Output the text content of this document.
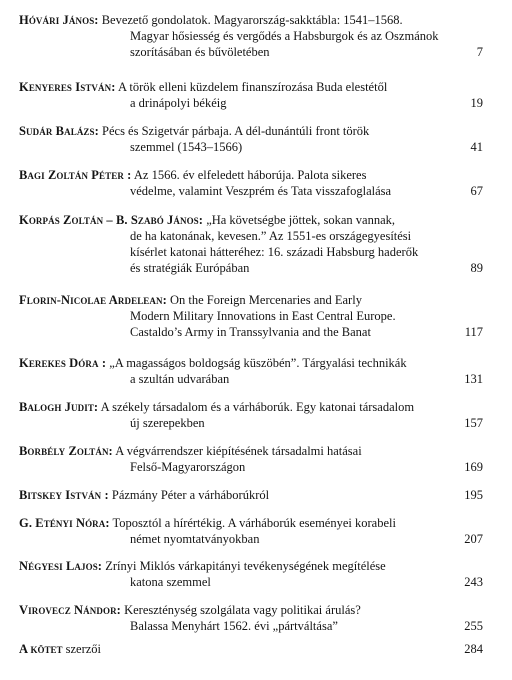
Hóvári János: Bevezető gondolatok. Magyarország-sakktábla: 1541–1568.
Magyar hősiesség és vergődés a Habsburgok és az Oszmánok
szorításában és bűvöletében	7
Kenyeres István: A török elleni küzdelem finanszírozása Buda elestétől
a drinápolyi békéig	19
Sudár Balázs: Pécs és Szigetvár párbaja. A dél-dunántúli front török
szemmel (1543–1566)	41
Bagi Zoltán Péter : Az 1566. év elfeledett háborúja. Palota sikeres
védelme, valamint Veszprém és Tata visszafoglalása	67
Korpás Zoltán – B. Szabó János: „Ha követségbe jöttek, sokan vannak,
de ha katonának, kevesen.” Az 1551-es országegyesítési
kísérlet katonai hátteréhez: 16. századi Habsburg haderők
és stratégiák Európában	89
Florin-Nicolae Ardelean: On the Foreign Mercenaries and Early
Modern Military Innovations in East Central Europe.
Castaldo’s Army in Transsylvania and the Banat	117
Kerekes Dóra : „A magasságos boldogság küszöbén”. Tárgyalási technikák
a szultán udvarában	131
Balogh Judit: A székely társadalom és a várháborúk. Egy katonai társadalom
új szerepekben	157
Borbély Zoltán: A végvárrendszer kiépítésének társadalmi hatásai
Felső-Magyarországon	169
Bitskey István : Pázmány Péter a várháborúkról	195
G. Etényi Nóra: Toposztól a hírértékig. A várháborúk eseményei korabeli
német nyomtatványokban	207
Négyesi Lajos: Zrínyi Miklós várkapitányi tevékenységének megítélése
katona szemmel	243
Virovecz Nándor: Kereszténység szolgálata vagy politikai árulás?
Balassa Menyhárt 1562. évi „pártváltása”	255
A kötet szerzői	284
